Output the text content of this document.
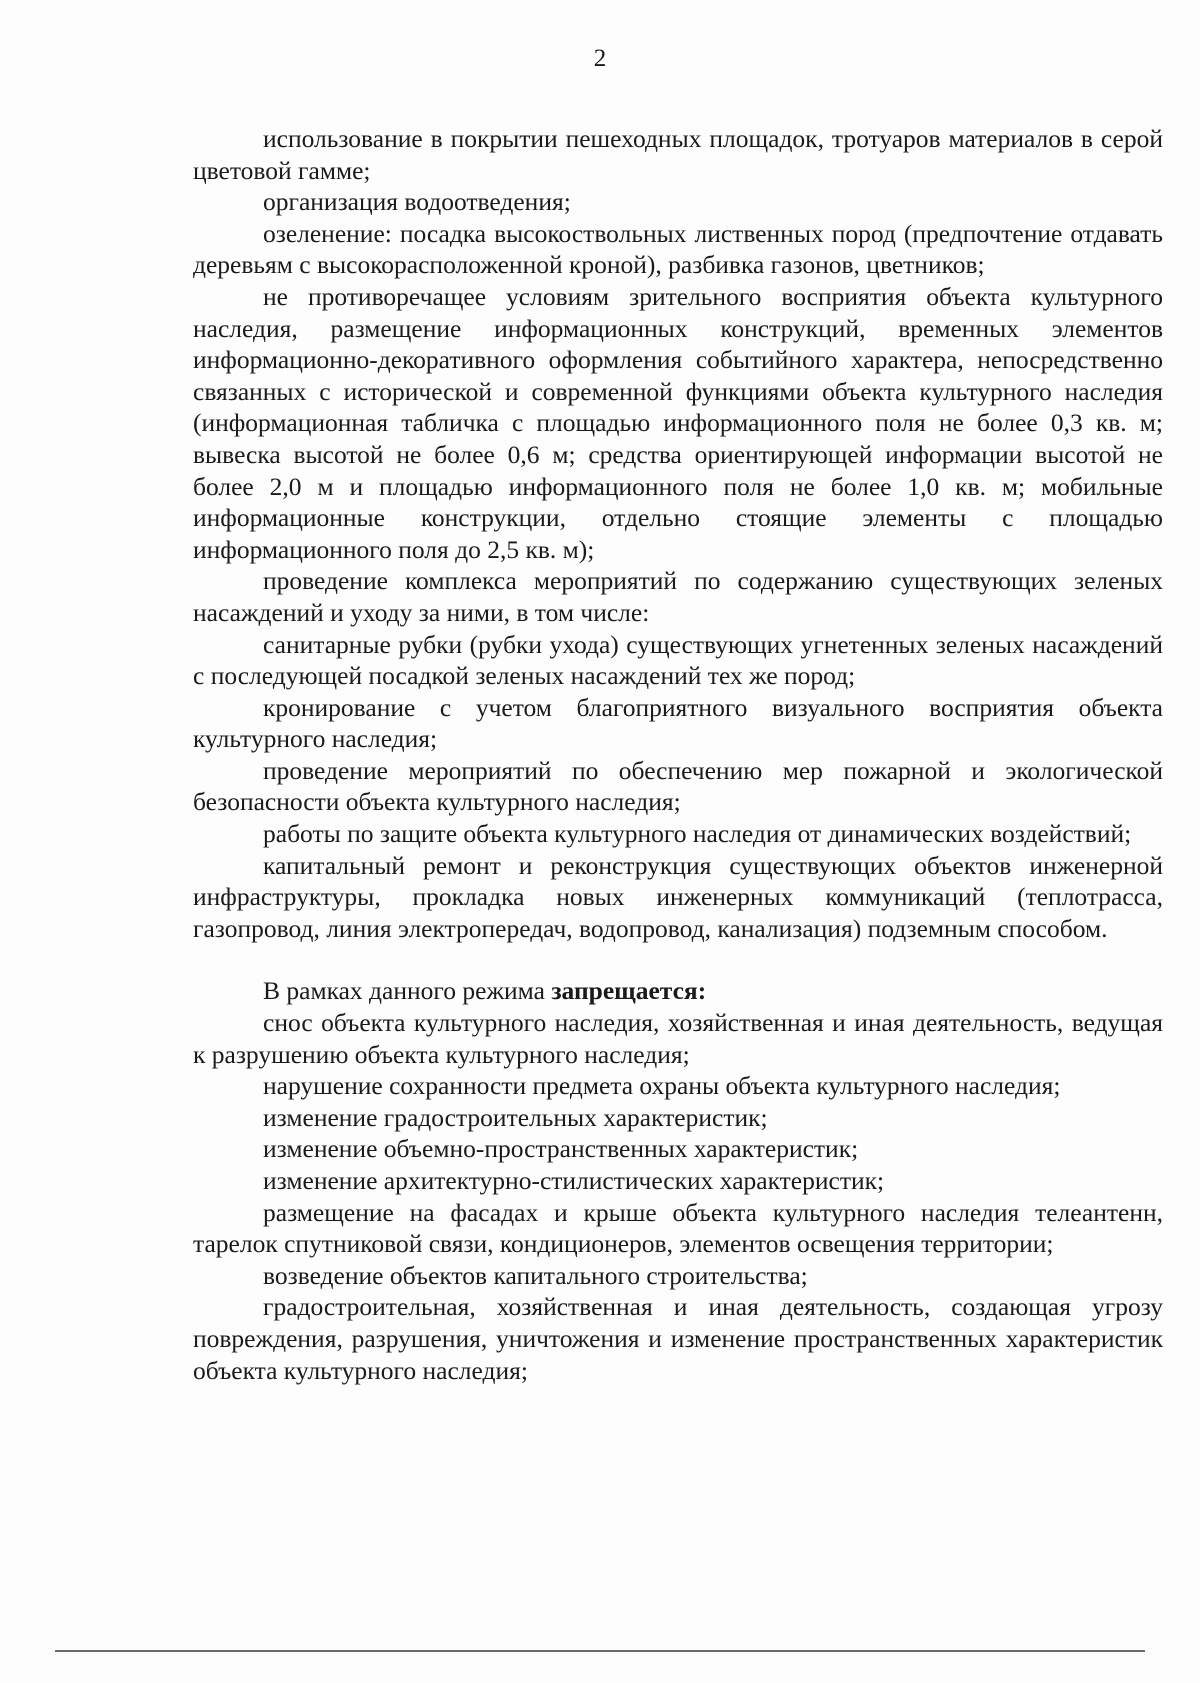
2

использование в покрытии пешеходных площадок, тротуаров материалов в серой цветовой гамме;

организация водоотведения;

озеленение: посадка высокоствольных лиственных пород (предпочтение отдавать деревьям с высокорасположенной кроной), разбивка газонов, цветников;

не противоречащее условиям зрительного восприятия объекта культурного наследия, размещение информационных конструкций, временных элементов информационно-декоративного оформления событийного характера, непосредственно связанных с исторической и современной функциями объекта культурного наследия (информационная табличка с площадью информационного поля не более 0,3 кв. м; вывеска высотой не более 0,6 м; средства ориентирующей информации высотой не более 2,0 м и площадью информационного поля не более 1,0 кв. м; мобильные информационные конструкции, отдельно стоящие элементы с площадью информационного поля до 2,5 кв. м);

проведение комплекса мероприятий по содержанию существующих зеленых насаждений и уходу за ними, в том числе:

санитарные рубки (рубки ухода) существующих угнетенных зеленых насаждений с последующей посадкой зеленых насаждений тех же пород;

кронирование с учетом благоприятного визуального восприятия объекта культурного наследия;

проведение мероприятий по обеспечению мер пожарной и экологической безопасности объекта культурного наследия;

работы по защите объекта культурного наследия от динамических воздействий;

капитальный ремонт и реконструкция существующих объектов инженерной инфраструктуры, прокладка новых инженерных коммуникаций (теплотрасса, газопровод, линия электропередач, водопровод, канализация) подземным способом.

В рамках данного режима запрещается:

снос объекта культурного наследия, хозяйственная и иная деятельность, ведущая к разрушению объекта культурного наследия;

нарушение сохранности предмета охраны объекта культурного наследия;

изменение градостроительных характеристик;

изменение объемно-пространственных характеристик;

изменение архитектурно-стилистических характеристик;

размещение на фасадах и крыше объекта культурного наследия телеантенн, тарелок спутниковой связи, кондиционеров, элементов освещения территории;

возведение объектов капитального строительства;

градостроительная, хозяйственная и иная деятельность, создающая угрозу повреждения, разрушения, уничтожения и изменение пространственных характеристик объекта культурного наследия;
